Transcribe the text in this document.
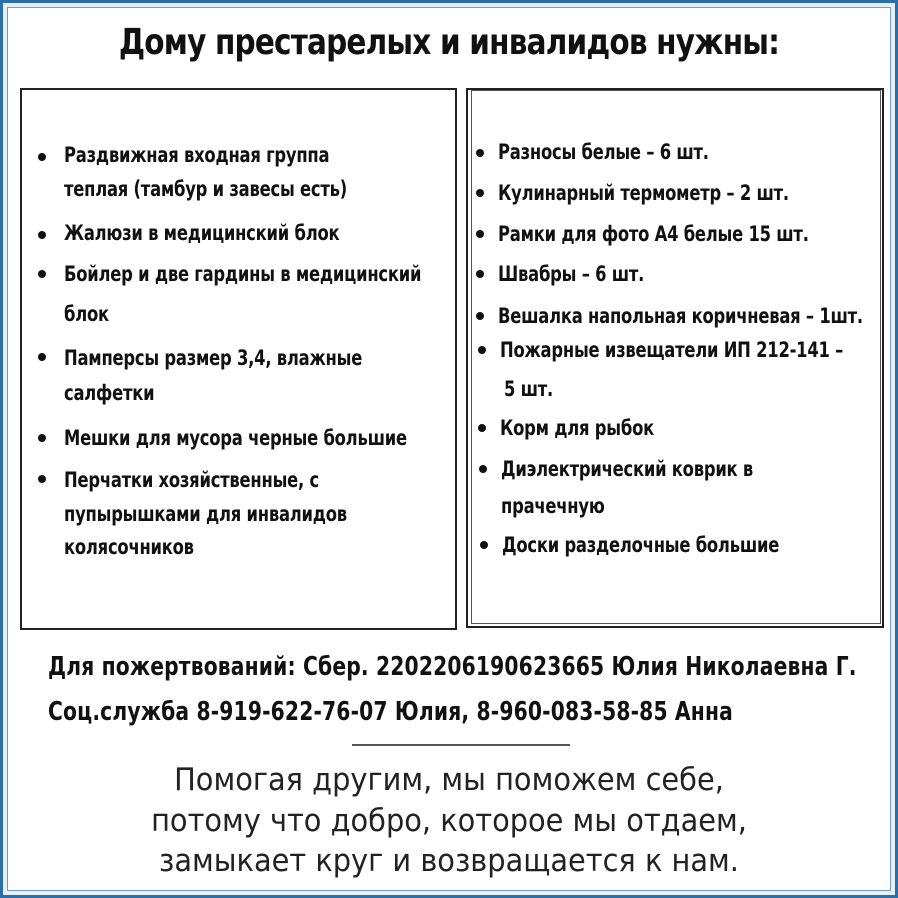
Дому престарелых и инвалидов нужны:
Раздвижная входная группа
теплая (тамбур и завесы есть)
Жалюзи в медицинский блок
Бойлер и две гардины в медицинский
блок
Памперсы размер 3,4, влажные
салфетки
Мешки для мусора черные большие
Перчатки хозяйственные, с
пупырышками для инвалидов
колясочников
Разносы белые – 6 шт.
Кулинарный термометр – 2 шт.
Рамки для фото А4 белые 15 шт.
Швабры – 6 шт.
Вешалка напольная коричневая – 1шт.
Пожарные извещатели ИП 212-141 –
5 шт.
Корм для рыбок
Диэлектрический коврик в
прачечную
Доски разделочные большие
Для пожертвований: Сбер. 2202206190623665 Юлия Николаевна Г.
Соц.служба 8-919-622-76-07 Юлия, 8-960-083-58-85 Анна
Помогая другим, мы поможем себе,
потому что добро, которое мы отдаем,
замыкает круг и возвращается к нам.
